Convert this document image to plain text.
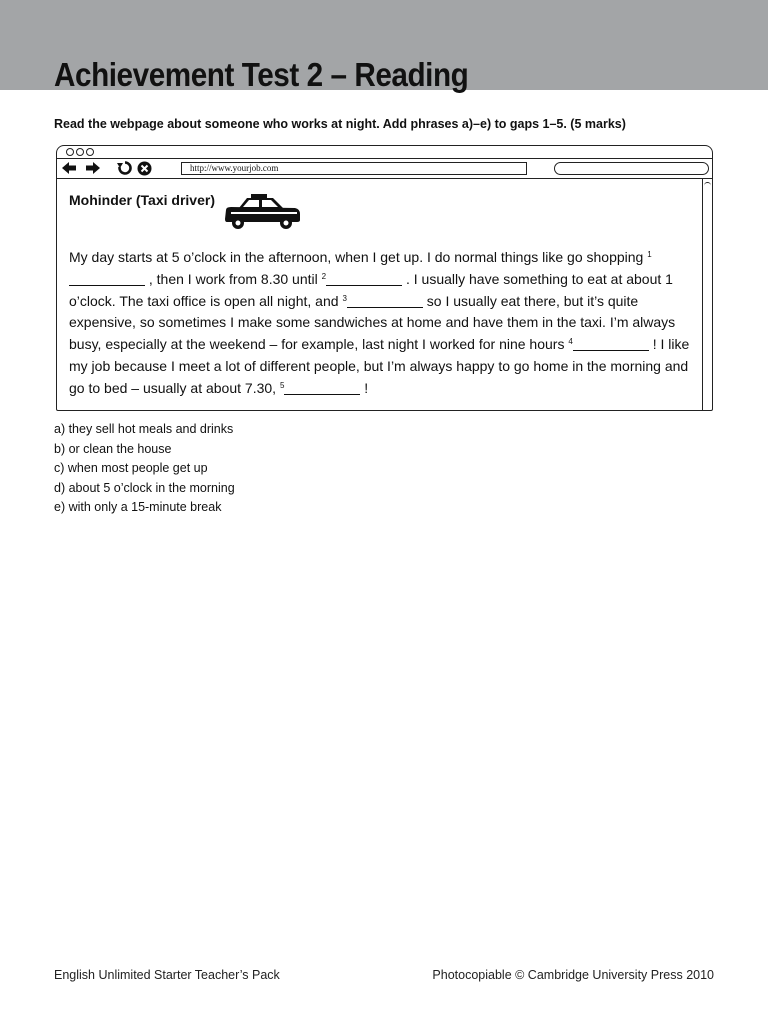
Achievement Test 2 – Reading

Read the webpage about someone who works at night. Add phrases a)–e) to gaps 1–5. (5 marks)

http://www.yourjob.com
Mohinder (Taxi driver)

My day starts at 5 o’clock in the afternoon, when I get up. I do normal things like go shopping $^1$ , then I work from 8.30 until $^2$	. I usually have something to eat at about 1 o’clock. The taxi office is open all night, and $^3$	so I usually eat there, but it’s quite expensive, so sometimes I make some sandwiches at home and have them in the taxi. I’m always busy, especially at the weekend – for example, last night I worked for nine hours $^4$	! I like my job because I meet a lot of different people, but I’m always happy to go home in the morning and go to bed – usually at about 7.30, $^5$	!

a) they sell hot meals and drinks
b) or clean the house
c) when most people get up
d) about 5 o’clock in the morning
e) with only a 15-minute break
English Unlimited Starter Teacher’s Pack	Photocopiable © Cambridge University Press 2010
